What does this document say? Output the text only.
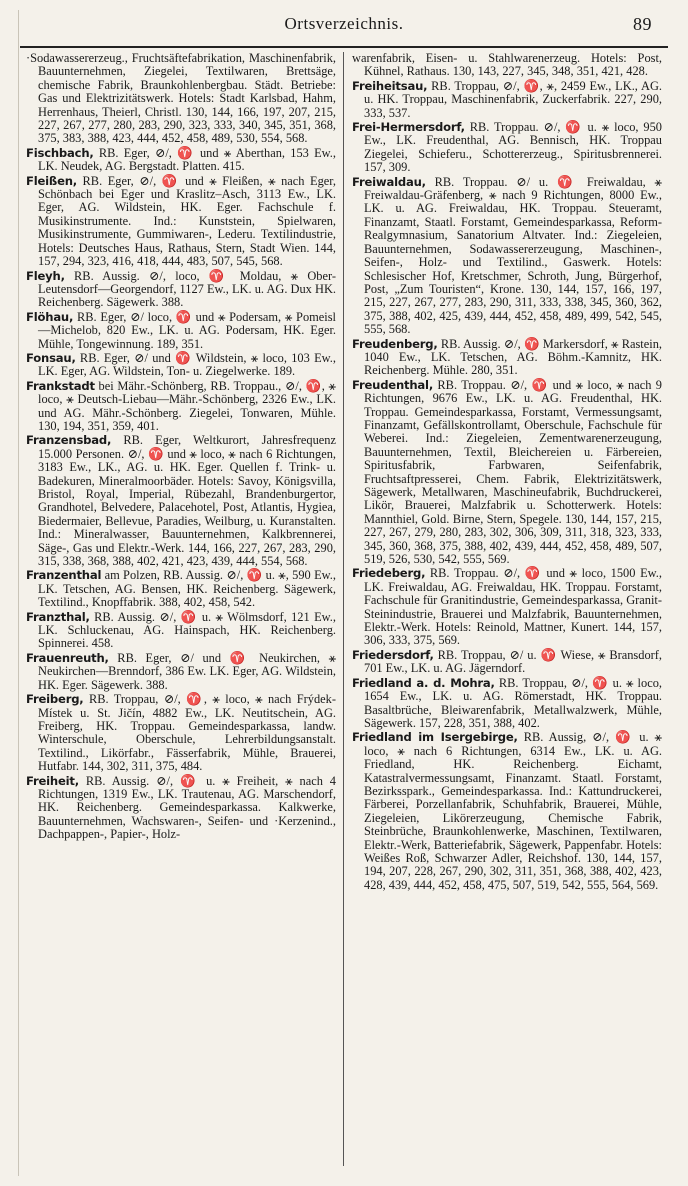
Ortsverzeichnis.	89

·Sodawassererzeug., Fruchtsäftefabrikation, Maschinenfabrik, Bauunternehmen, Ziegelei, Textilwaren, Brettsäge, chemische Fabrik, Braunkohlenbergbau. Städt. Betriebe: Gas und Elektrizitätswerk. Hotels: Stadt Karlsbad, Hahm, Herrenhaus, Theierl, Christl. 130, 144, 166, 197, 207, 215, 227, 267, 277, 280, 283, 290, 323, 333, 340, 345, 351, 368, 375, 383, 388, 423, 444, 452, 458, 489, 530, 554, 568.

Fischbach, RB. Eger, ⊘/, ♈ und ⚹ Aberthan, 153 Ew., LK. Neudek, AG. Bergstadt. Platten. 415.

Fleißen, RB. Eger, ⊘/, ♈ und ⚹ Fleißen, ⚹ nach Eger, Schönbach bei Eger und Kraslitz–Asch, 3113 Ew., LK. Eger, AG. Wildstein, HK. Eger. Fachschule f. Musikinstrumente. Ind.: Kunststein, Spielwaren, Musikinstrumente, Gummiwaren-, Lederu. Textilindustrie, Hotels: Deutsches Haus, Rathaus, Stern, Stadt Wien. 144, 157, 294, 323, 416, 418, 444, 483, 507, 545, 568.

Fleyh, RB. Aussig. ⊘/, loco, ♈ Moldau, ⚹ Ober-Leutensdorf—Georgendorf, 1127 Ew., LK. u. AG. Dux HK. Reichenberg. Sägewerk. 388.

Flöhau, RB. Eger, ⊘/ loco, ♈ und ⚹ Podersam, ⚹ Pomeisl—Michelob, 820 Ew., LK. u. AG. Podersam, HK. Eger. Mühle, Tongewinnung. 189, 351.

Fonsau, RB. Eger, ⊘/ und ♈ Wildstein, ⚹ loco, 103 Ew., LK. Eger, AG. Wildstein, Ton- u. Ziegelwerke. 189.

Frankstadt bei Mähr.-Schönberg, RB. Troppau., ⊘/, ♈, ⚹ loco, ⚹ Deutsch-Liebau—Mähr.-Schönberg, 2326 Ew., LK. und AG. Mähr.-Schönberg. Ziegelei, Tonwaren, Mühle. 130, 194, 351, 359, 401.

Franzensbad, RB. Eger, Weltkurort, Jahresfrequenz 15.000 Personen. ⊘/, ♈ und ⚹ loco, ⚹ nach 6 Richtungen, 3183 Ew., LK., AG. u. HK. Eger. Quellen f. Trink- u. Badekuren, Mineralmoorbäder. Hotels: Savoy, Königsvilla, Bristol, Royal, Imperial, Rübezahl, Brandenburgertor, Grandhotel, Belvedere, Palacehotel, Post, Atlantis, Hygiea, Biedermaier, Bellevue, Paradies, Weilburg, u. Kuranstalten. Ind.: Mineralwasser, Bauunternehmen, Kalkbrennerei, Säge-, Gas und Elektr.-Werk. 144, 166, 227, 267, 283, 290, 315, 338, 368, 388, 402, 421, 423, 439, 444, 554, 568.

Franzenthal am Polzen, RB. Aussig. ⊘/, ♈ u. ⚹, 590 Ew., LK. Tetschen, AG. Bensen, HK. Reichenberg. Sägewerk, Textilind., Knopffabrik. 388, 402, 458, 542.

Franzthal, RB. Aussig. ⊘/, ♈ u. ⚹ Wölmsdorf, 121 Ew., LK. Schluckenau, AG. Hainspach, HK. Reichenberg. Spinnerei. 458.

Frauenreuth, RB. Eger, ⊘/ und ♈ Neukirchen, ⚹ Neukirchen—Brenndorf, 386 Ew. LK. Eger, AG. Wildstein, HK. Eger. Sägewerk. 388.

Freiberg, RB. Troppau, ⊘/, ♈, ⚹ loco, ⚹ nach Frýdek-Místek u. St. Jičín, 4882 Ew., LK. Neutitschein, AG. Freiberg, HK. Troppau. Gemeindesparkassa, landw. Winterschule, Oberschule, Lehrerbildungsanstalt. Textilind., Likörfabr., Fässerfabrik, Mühle, Brauerei, Hutfabr. 144, 302, 311, 375, 484.

Freiheit, RB. Aussig. ⊘/, ♈ u. ⚹ Freiheit, ⚹ nach 4 Richtungen, 1319 Ew., LK. Trautenau, AG. Marschendorf, HK. Reichenberg. Gemeindesparkassa. Kalkwerke, Bauunternehmen, Wachswaren-, Seifen- und ·Kerzenind., Dachpappen-, Papier-, Holz-

warenfabrik, Eisen- u. Stahlwarenerzeug. Hotels: Post, Kühnel, Rathaus. 130, 143, 227, 345, 348, 351, 421, 428.

Freiheitsau, RB. Troppau, ⊘/, ♈, ⚹, 2459 Ew., LK., AG. u. HK. Troppau, Maschinenfabrik, Zuckerfabrik. 227, 290, 333, 537.

Frei-Hermersdorf, RB. Troppau. ⊘/, ♈ u. ⚹ loco, 950 Ew., LK. Freudenthal, AG. Bennisch, HK. Troppau Ziegelei, Schieferu., Schottererzeug., Spiritusbrennerei. 157, 309.

Freiwaldau, RB. Troppau. ⊘/ u. ♈ Freiwaldau, ⚹ Freiwaldau-Gräfenberg, ⚹ nach 9 Richtungen, 8000 Ew., LK. u. AG. Freiwaldau, HK. Troppau. Steueramt, Finanzamt, Staatl. Forstamt, Gemeindesparkassa, Reform-Realgymnasium, Sanatorium Altvater. Ind.: Ziegeleien, Bauunternehmen, Sodawassererzeugung, Maschinen-, Seifen-, Holz- und Textilind., Gaswerk. Hotels: Schlesischer Hof, Kretschmer, Schroth, Jung, Bürgerhof, Post, „Zum Touristen“, Krone. 130, 144, 157, 166, 197, 215, 227, 267, 277, 283, 290, 311, 333, 338, 345, 360, 362, 375, 388, 402, 425, 439, 444, 452, 458, 489, 499, 542, 545, 555, 568.

Freudenberg, RB. Aussig. ⊘/, ♈ Markersdorf, ⚹ Rastein, 1040 Ew., LK. Tetschen, AG. Böhm.-Kamnitz, HK. Reichenberg. Mühle. 280, 351.

Freudenthal, RB. Troppau. ⊘/, ♈ und ⚹ loco, ⚹ nach 9 Richtungen, 9676 Ew., LK. u. AG. Freudenthal, HK. Troppau. Gemeindesparkassa, Forstamt, Vermessungsamt, Finanzamt, Gefällskontrollamt, Oberschule, Fachschule für Weberei. Ind.: Ziegeleien, Zementwarenerzeugung, Bauunternehmen, Textil, Bleichereien u. Färbereien, Spiritusfabrik, Farbwaren, Seifenfabrik, Fruchtsaftpresserei, Chem. Fabrik, Elektrizitätswerk, Sägewerk, Metallwaren, Maschineufabrik, Buchdruckerei, Likör, Brauerei, Malzfabrik u. Schotterwerk. Hotels: Mannthiel, Gold. Birne, Stern, Spegele. 130, 144, 157, 215, 227, 267, 279, 280, 283, 302, 306, 309, 311, 318, 323, 333, 345, 360, 368, 375, 388, 402, 439, 444, 452, 458, 489, 507, 519, 526, 530, 542, 555, 569.

Friedeberg, RB. Troppau. ⊘/, ♈ und ⚹ loco, 1500 Ew., LK. Freiwaldau, AG. Freiwaldau, HK. Troppau. Forstamt, Fachschule für Granitindustrie, Gemeindesparkassa, Granit-Steinindustrie, Brauerei und Malzfabrik, Bauunternehmen, Elektr.-Werk. Hotels: Reinold, Mattner, Kunert. 144, 157, 306, 333, 375, 569.

Friedersdorf, RB. Troppau, ⊘/ u. ♈ Wiese, ⚹ Bransdorf, 701 Ew., LK. u. AG. Jägerndorf.

Friedland a. d. Mohra, RB. Troppau, ⊘/, ♈ u. ⚹ loco, 1654 Ew., LK. u. AG. Römerstadt, HK. Troppau. Basaltbrüche, Bleiwarenfabrik, Metallwalzwerk, Mühle, Sägewerk. 157, 228, 351, 388, 402.

Friedland im Isergebirge, RB. Aussig, ⊘/, ♈ u. ⚹ loco, ⚹ nach 6 Richtungen, 6314 Ew., LK. u. AG. Friedland, HK. Reichenberg. Eichamt, Katastralvermessungsamt, Finanzamt. Staatl. Forstamt, Bezirksspark., Gemeindesparkassa. Ind.: Kattundruckerei, Färberei, Porzellanfabrik, Schuhfabrik, Brauerei, Mühle, Ziegeleien, Likörerzeugung, Chemische Fabrik, Steinbrüche, Braunkohlenwerke, Maschinen, Textilwaren, Elektr.-Werk, Batteriefabrik, Sägewerk, Pappenfabr. Hotels: Weißes Roß, Schwarzer Adler, Reichshof. 130, 144, 157, 194, 207, 228, 267, 290, 302, 311, 351, 368, 388, 402, 423, 428, 439, 444, 452, 458, 475, 507, 519, 542, 555, 564, 569.
